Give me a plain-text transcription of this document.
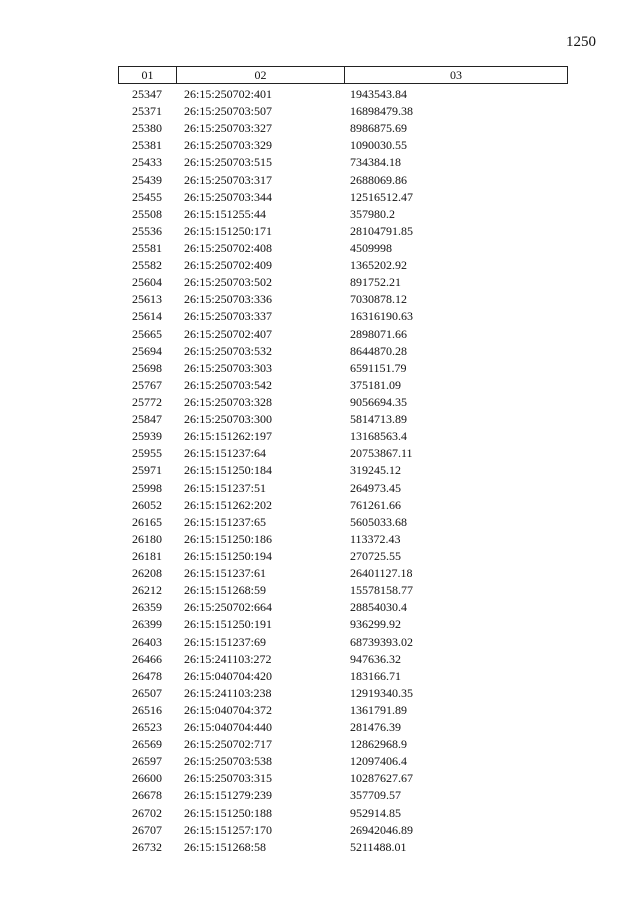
1250
01	02	03
25347	26:15:250702:401	1943543.84
25371	26:15:250703:507	16898479.38
25380	26:15:250703:327	8986875.69
25381	26:15:250703:329	1090030.55
25433	26:15:250703:515	734384.18
25439	26:15:250703:317	2688069.86
25455	26:15:250703:344	12516512.47
25508	26:15:151255:44	357980.2
25536	26:15:151250:171	28104791.85
25581	26:15:250702:408	4509998
25582	26:15:250702:409	1365202.92
25604	26:15:250703:502	891752.21
25613	26:15:250703:336	7030878.12
25614	26:15:250703:337	16316190.63
25665	26:15:250702:407	2898071.66
25694	26:15:250703:532	8644870.28
25698	26:15:250703:303	6591151.79
25767	26:15:250703:542	375181.09
25772	26:15:250703:328	9056694.35
25847	26:15:250703:300	5814713.89
25939	26:15:151262:197	13168563.4
25955	26:15:151237:64	20753867.11
25971	26:15:151250:184	319245.12
25998	26:15:151237:51	264973.45
26052	26:15:151262:202	761261.66
26165	26:15:151237:65	5605033.68
26180	26:15:151250:186	113372.43
26181	26:15:151250:194	270725.55
26208	26:15:151237:61	26401127.18
26212	26:15:151268:59	15578158.77
26359	26:15:250702:664	28854030.4
26399	26:15:151250:191	936299.92
26403	26:15:151237:69	68739393.02
26466	26:15:241103:272	947636.32
26478	26:15:040704:420	183166.71
26507	26:15:241103:238	12919340.35
26516	26:15:040704:372	1361791.89
26523	26:15:040704:440	281476.39
26569	26:15:250702:717	12862968.9
26597	26:15:250703:538	12097406.4
26600	26:15:250703:315	10287627.67
26678	26:15:151279:239	357709.57
26702	26:15:151250:188	952914.85
26707	26:15:151257:170	26942046.89
26732	26:15:151268:58	5211488.01
